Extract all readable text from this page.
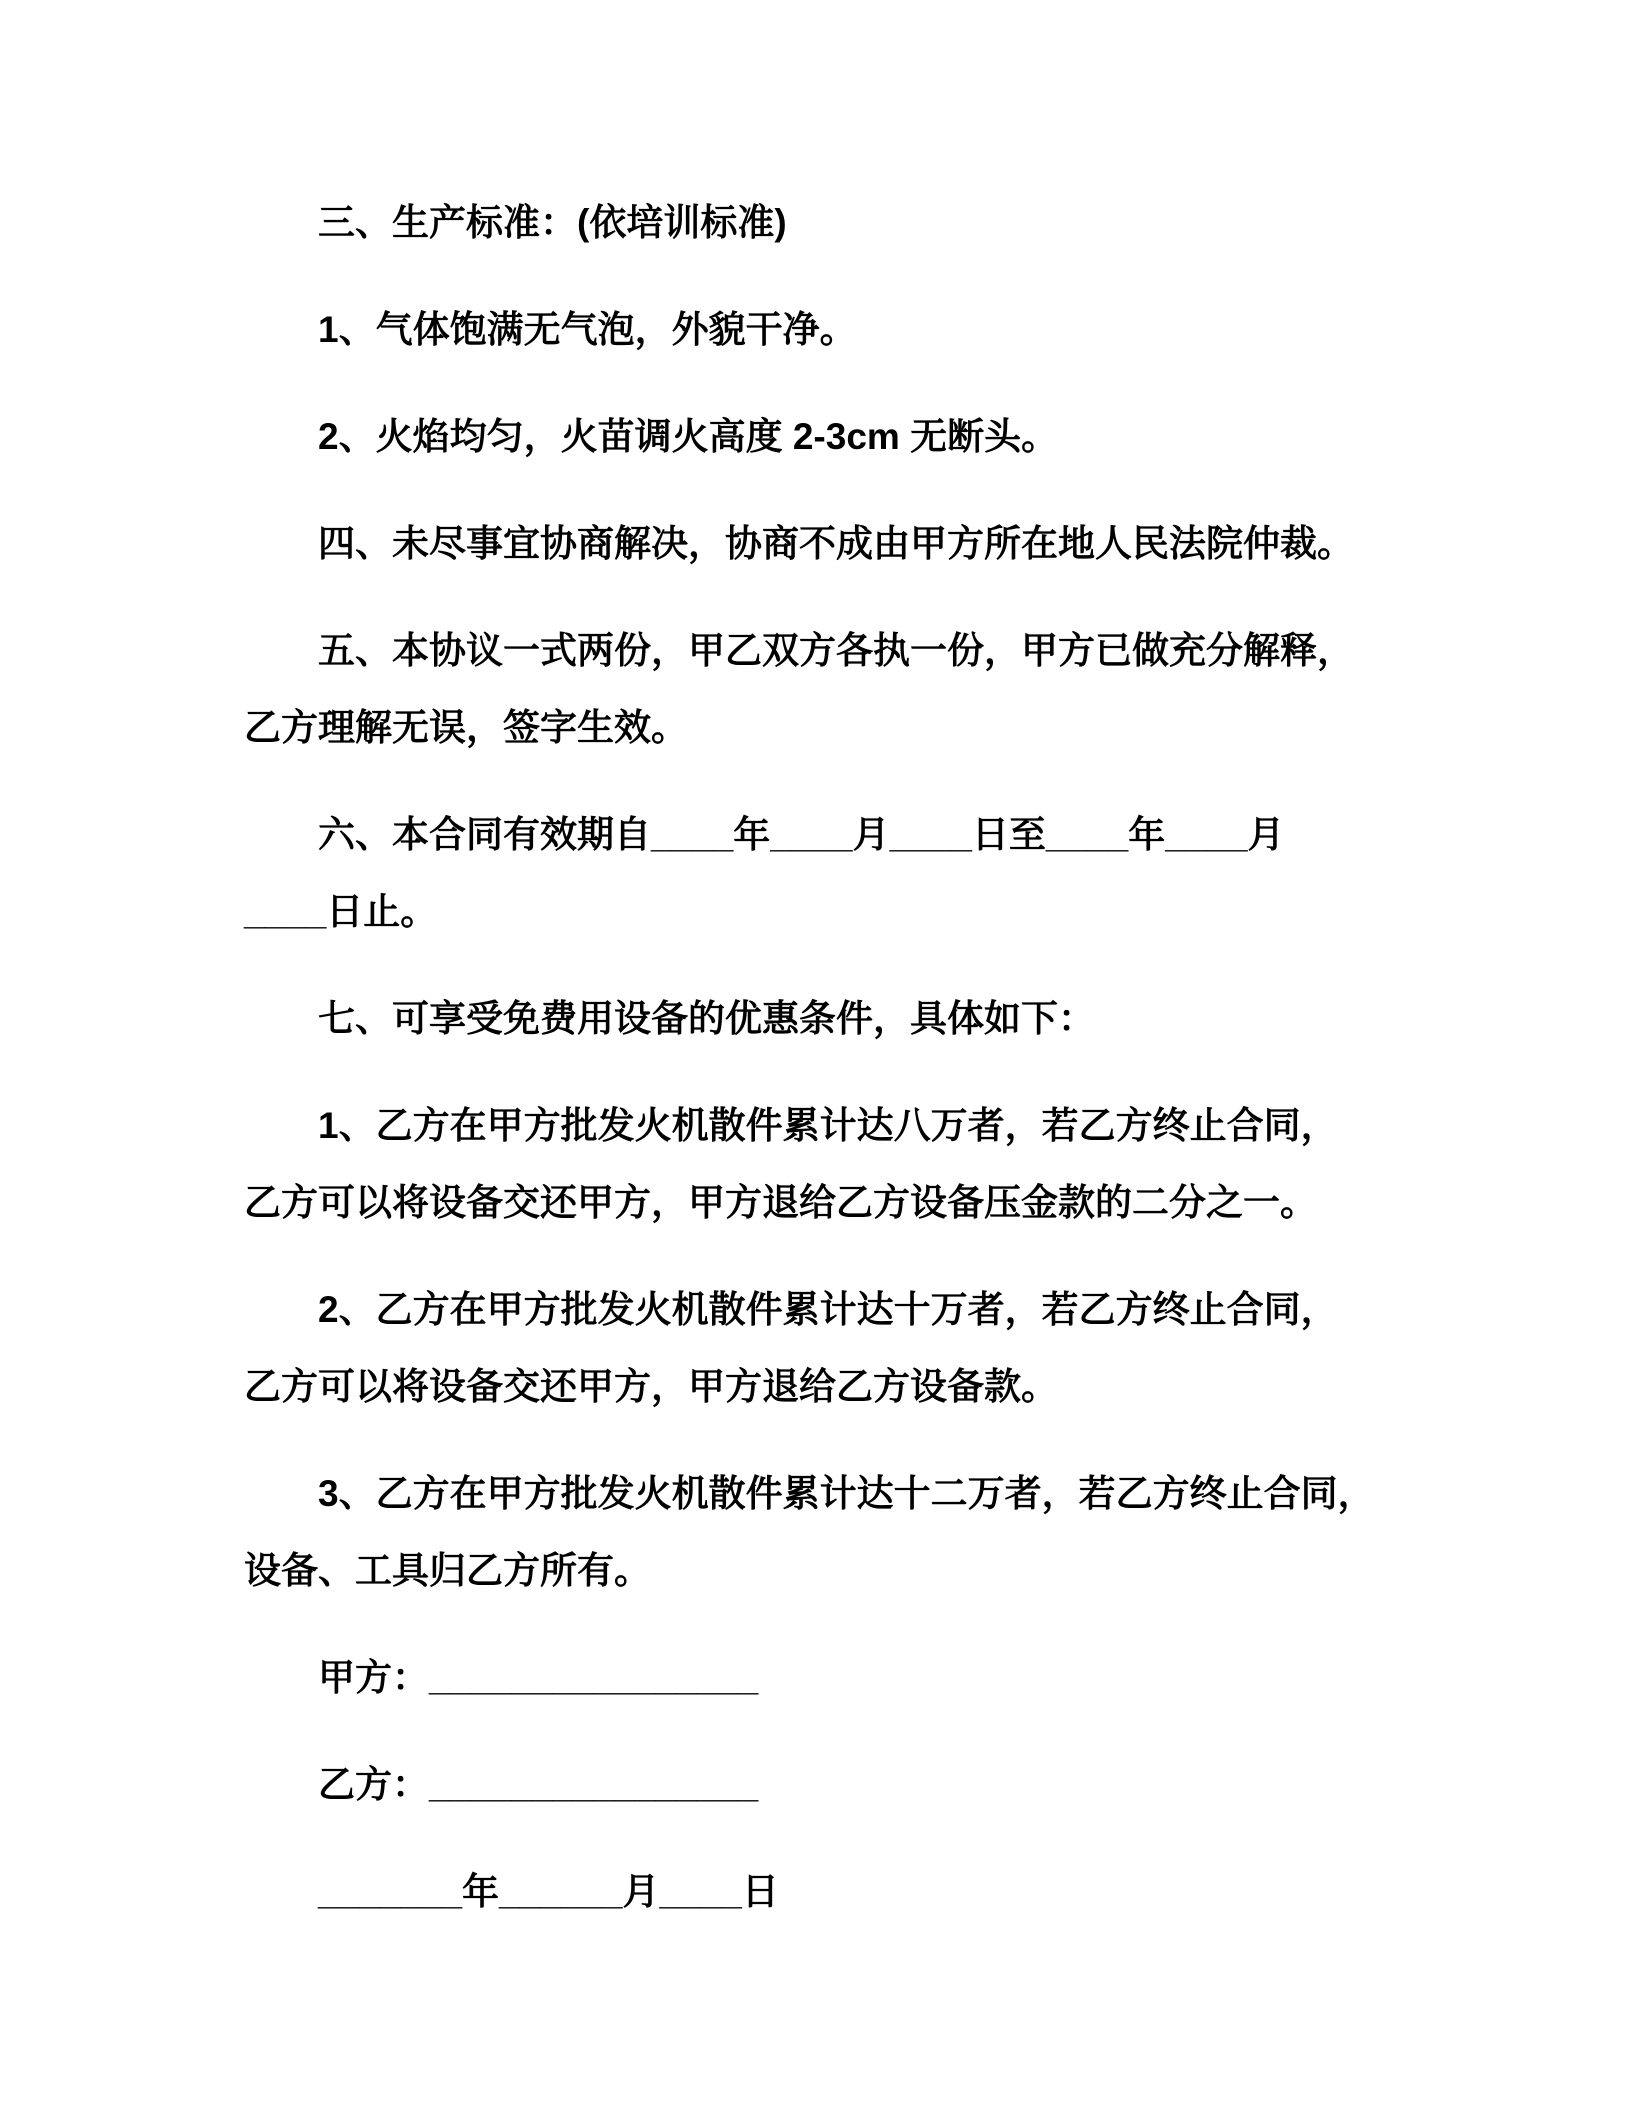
三、生产标准：(依培训标准)

1、气体饱满无气泡，外貌干净。

2、火焰均匀，火苗调火高度 2-3cm 无断头。

四、未尽事宜协商解决，协商不成由甲方所在地人民法院仲裁。

五、本协议一式两份，甲乙双方各执一份，甲方已做充分解释，
乙方理解无误，签字生效。

六、本合同有效期自____年____月____日至____年____月
____日止。

七、可享受免费用设备的优惠条件，具体如下：

1、乙方在甲方批发火机散件累计达八万者，若乙方终止合同，
乙方可以将设备交还甲方，甲方退给乙方设备压金款的二分之一。

2、乙方在甲方批发火机散件累计达十万者，若乙方终止合同，
乙方可以将设备交还甲方，甲方退给乙方设备款。

3、乙方在甲方批发火机散件累计达十二万者，若乙方终止合同，
设备、工具归乙方所有。

甲方：________________

乙方：________________

_______年______月____日
